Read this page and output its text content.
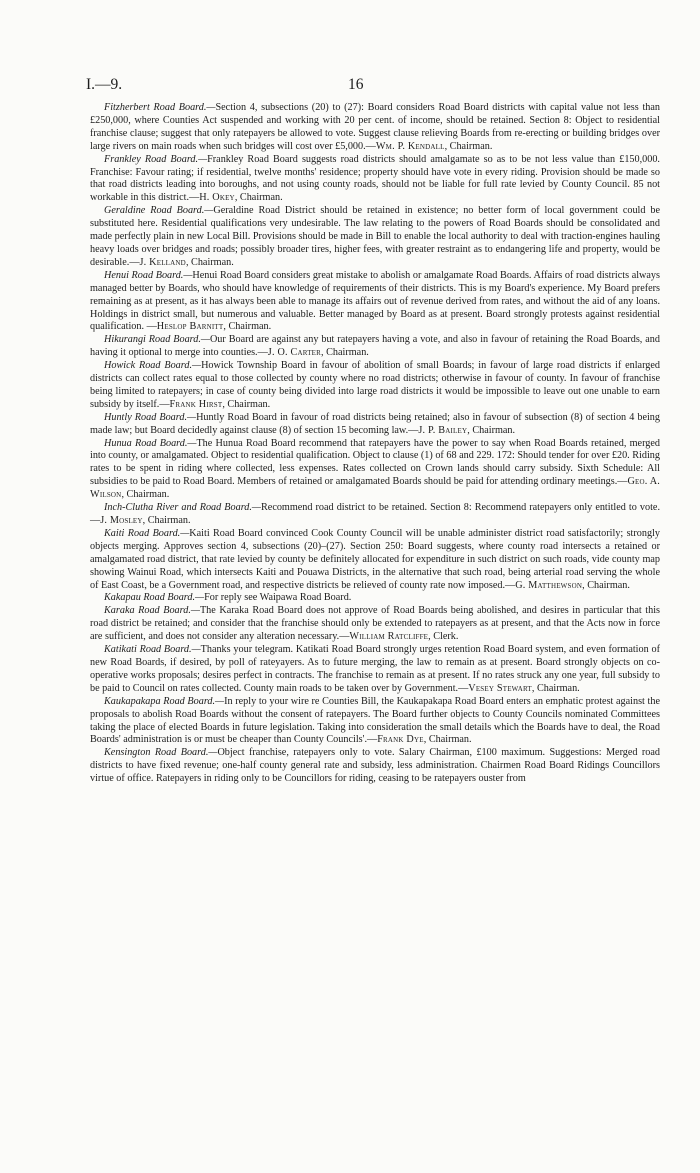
I.—9.	16

Fitzherbert Road Board.—Section 4, subsections (20) to (27): Board considers Road Board districts with capital value not less than £250,000, where Counties Act suspended and working with 20 per cent. of income, should be retained. Section 8: Object to residential franchise clause; suggest that only ratepayers be allowed to vote. Suggest clause relieving Boards from re-erecting or building bridges over large rivers on main roads when such bridges will cost over £5,000.—Wm. P. Kendall, Chairman.

Frankley Road Board.—Frankley Road Board suggests road districts should amalgamate so as to be not less value than £150,000. Franchise: Favour rating; if residential, twelve months' residence; property should have vote in every riding. Provision should be made so that road districts leading into boroughs, and not using county roads, should not be liable for full rate levied by County Council. 85 not workable in this district.—H. Okey, Chairman.

Geraldine Road Board.—Geraldine Road District should be retained in existence; no better form of local government could be substituted here. Residential qualifications very undesirable. The law relating to the powers of Road Boards should be consolidated and made perfectly plain in new Local Bill. Provisions should be made in Bill to enable the local authority to deal with traction-engines hauling heavy loads over bridges and roads; possibly broader tires, higher fees, with greater restraint as to endangering life and property, would be desirable.—J. Kelland, Chairman.

Henui Road Board.—Henui Road Board considers great mistake to abolish or amalgamate Road Boards. Affairs of road districts always managed better by Boards, who should have knowledge of requirements of their districts. This is my Board's experience. My Board prefers remaining as at present, as it has always been able to manage its affairs out of revenue derived from rates, and without the aid of any loans. Holdings in district small, but numerous and valuable. Better managed by Board as at present. Board strongly protests against residential qualification. —Heslop Barnitt, Chairman.

Hikurangi Road Board.—Our Board are against any but ratepayers having a vote, and also in favour of retaining the Road Boards, and having it optional to merge into counties.—J. O. Carter, Chairman.

Howick Road Board.—Howick Township Board in favour of abolition of small Boards; in favour of large road districts if enlarged districts can collect rates equal to those collected by county where no road districts; otherwise in favour of county. In favour of franchise being limited to ratepayers; in case of county being divided into large road districts it would be impossible to leave out one unable to earn subsidy by itself.—Frank Hirst, Chairman.

Huntly Road Board.—Huntly Road Board in favour of road districts being retained; also in favour of subsection (8) of section 4 being made law; but Board decidedly against clause (8) of section 15 becoming law.—J. P. Bailey, Chairman.

Hunua Road Board.—The Hunua Road Board recommend that ratepayers have the power to say when Road Boards retained, merged into county, or amalgamated. Object to residential qualification. Object to clause (1) of 68 and 229. 172: Should tender for over £20. Riding rates to be spent in riding where collected, less expenses. Rates collected on Crown lands should carry subsidy. Sixth Schedule: All subsidies to be paid to Road Board. Members of retained or amalgamated Boards should be paid for attending ordinary meetings.—Geo. A. Wilson, Chairman.

Inch-Clutha River and Road Board.—Recommend road district to be retained. Section 8: Recommend ratepayers only entitled to vote.—J. Mosley, Chairman.

Kaiti Road Board.—Kaiti Road Board convinced Cook County Council will be unable administer district road satisfactorily; strongly objects merging. Approves section 4, subsections (20)–(27). Section 250: Board suggests, where county road intersects a retained or amalgamated road district, that rate levied by county be definitely allocated for expenditure in such district on such roads, vide county map showing Wainui Road, which intersects Kaiti and Pouawa Districts, in the alternative that such road, being arterial road serving the whole of East Coast, be a Government road, and respective districts be relieved of county rate now imposed.—G. Matthewson, Chairman.

Kakapau Road Board.—For reply see Waipawa Road Board.

Karaka Road Board.—The Karaka Road Board does not approve of Road Boards being abolished, and desires in particular that this road district be retained; and consider that the franchise should only be extended to ratepayers as at present, and that the Acts now in force are sufficient, and does not consider any alteration necessary.—William Ratcliffe, Clerk.

Katikati Road Board.—Thanks your telegram. Katikati Road Board strongly urges retention Road Board system, and even formation of new Road Boards, if desired, by poll of rateyayers. As to future merging, the law to remain as at present. Board strongly objects on co-operative works proposals; desires perfect in contracts. The franchise to remain as at present. If no rates struck any one year, full subsidy to be paid to Council on rates collected. County main roads to be taken over by Government.—Vesey Stewart, Chairman.

Kaukapakapa Road Board.—In reply to your wire re Counties Bill, the Kaukapakapa Road Board enters an emphatic protest against the proposals to abolish Road Boards without the consent of ratepayers. The Board further objects to County Councils nominated Committees taking the place of elected Boards in future legislation. Taking into consideration the small details which the Boards have to deal, the Road Boards' administration is or must be cheaper than County Councils'.—Frank Dye, Chairman.

Kensington Road Board.—Object franchise, ratepayers only to vote. Salary Chairman, £100 maximum. Suggestions: Merged road districts to have fixed revenue; one-half county general rate and subsidy, less administration. Chairmen Road Board Ridings Councillors virtue of office. Ratepayers in riding only to be Councillors for riding, ceasing to be ratepayers ouster from
